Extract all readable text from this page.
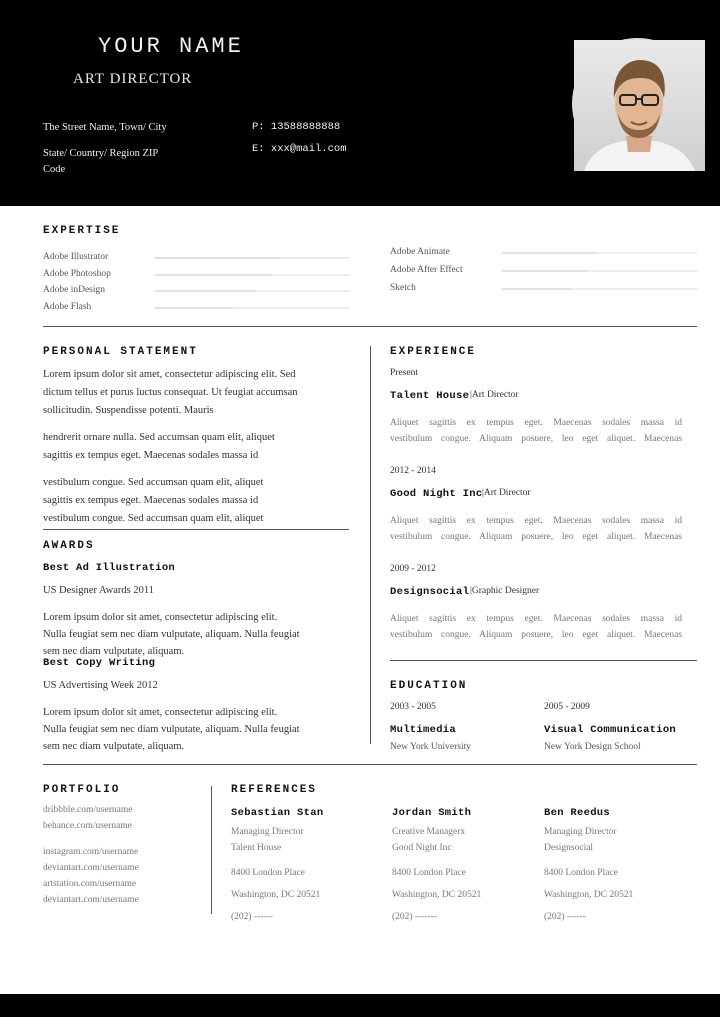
YOUR NAME
ART DIRECTOR
The Street Name, Town/ City
State/ Country/ Region ZIP
Code
P: 13588888888
E: xxx@mail.com
EXPERTISE
Adobe Illustrator
Adobe Photoshop
Adobe inDesign
Adobe Flash
Adobe Animate
Adobe After Effect
Sketch
PERSONAL STATEMENT
Lorem ipsum dolor sit amet, consectetur adipiscing elit. Sed
dictum tellus et purus luctus consequat. Ut feugiat accumsan
sollicitudin. Suspendisse potenti. Mauris
hendrerit ornare nulla. Sed accumsan quam elit, aliquet
sagittis ex tempus eget. Maecenas sodales massa id
vestibulum congue. Sed accumsan quam elit, aliquet
sagittis ex tempus eget. Maecenas sodales massa id
vestibulum congue. Sed accumsan quam elit, aliquet
AWARDS
Best Ad Illustration
US Designer Awards 2011
Lorem ipsum dolor sit amet, consectetur adipiscing elit.
Nulla feugiat sem nec diam vulputate, aliquam. Nulla feugiat
sem nec diam vulputate, aliquam.
Best Copy Writing
US Advertising Week 2012
Lorem ipsum dolor sit amet, consectetur adipiscing elit.
Nulla feugiat sem nec diam vulputate, aliquam. Nulla feugiat
sem nec diam vulputate, aliquam.
EXPERIENCE
Present
Talent House |Art Director
Aliquet sagittis ex tempus eget. Maecenas sodales massa id
vestibulum congue. Aliquam posuere, leo eget aliquet. Maecenas
2012 - 2014
Good Night Inc |Art Director
Aliquet sagittis ex tempus eget. Maecenas sodales massa id
vestibulum congue. Aliquam posuere, leo eget aliquet. Maecenas
2009 - 2012
Designsocial |Graphic Designer
Aliquet sagittis ex tempus eget. Maecenas sodales massa id
vestibulum congue. Aliquam posuere, leo eget aliquet. Maecenas
EDUCATION
2003 - 2005
Multimedia
New York University
2005 - 2009
Visual Communication
New York Design School
PORTFOLIO
dribbble.com/username
behance.com/username
instagram.com/username
deviantart.com/username
artstation.com/username
deviantart.com/username
REFERENCES
Sebastian Stan
Managing Director
Talent House
8400 London Place
Washington, DC 20521
(202) ------
Jordan Smith
Creative Managerx
Good Night Inc
8400 London Place
Washington, DC 20521
(202) -------
Ben Reedus
Managing Director
Designsocial
8400 London Place
Washington, DC 20521
(202) ------
